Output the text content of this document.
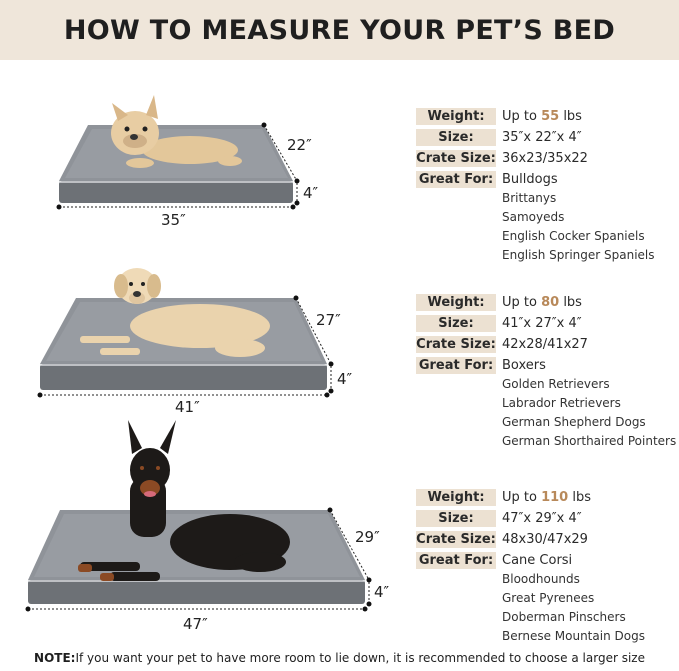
HOW TO MEASURE YOUR PET’S BED
22″
4″
35″
Weight:	Up to 55 lbs
Size:	35″x 22″x 4″
Crate Size: 36x23/35x22
Great For: Bulldogs
Brittanys
Samoyeds
English Cocker Spaniels
English Springer Spaniels
27″
4″
41″
Weight:	Up to 80 lbs
Size:	41″x 27″x 4″
Crate Size: 42x28/41x27
Great For: Boxers
Golden Retrievers
Labrador Retrievers
German Shepherd Dogs
German Shorthaired Pointers
29″
4″
47″
Weight:	Up to 110 lbs
Size:	47″x 29″x 4″
Crate Size: 48x30/47x29
Great For: Cane Corsi
Bloodhounds
Great Pyrenees
Doberman Pinschers
Bernese Mountain Dogs
NOTE:If you want your pet to have more room to lie down, it is recommended to choose a larger size
